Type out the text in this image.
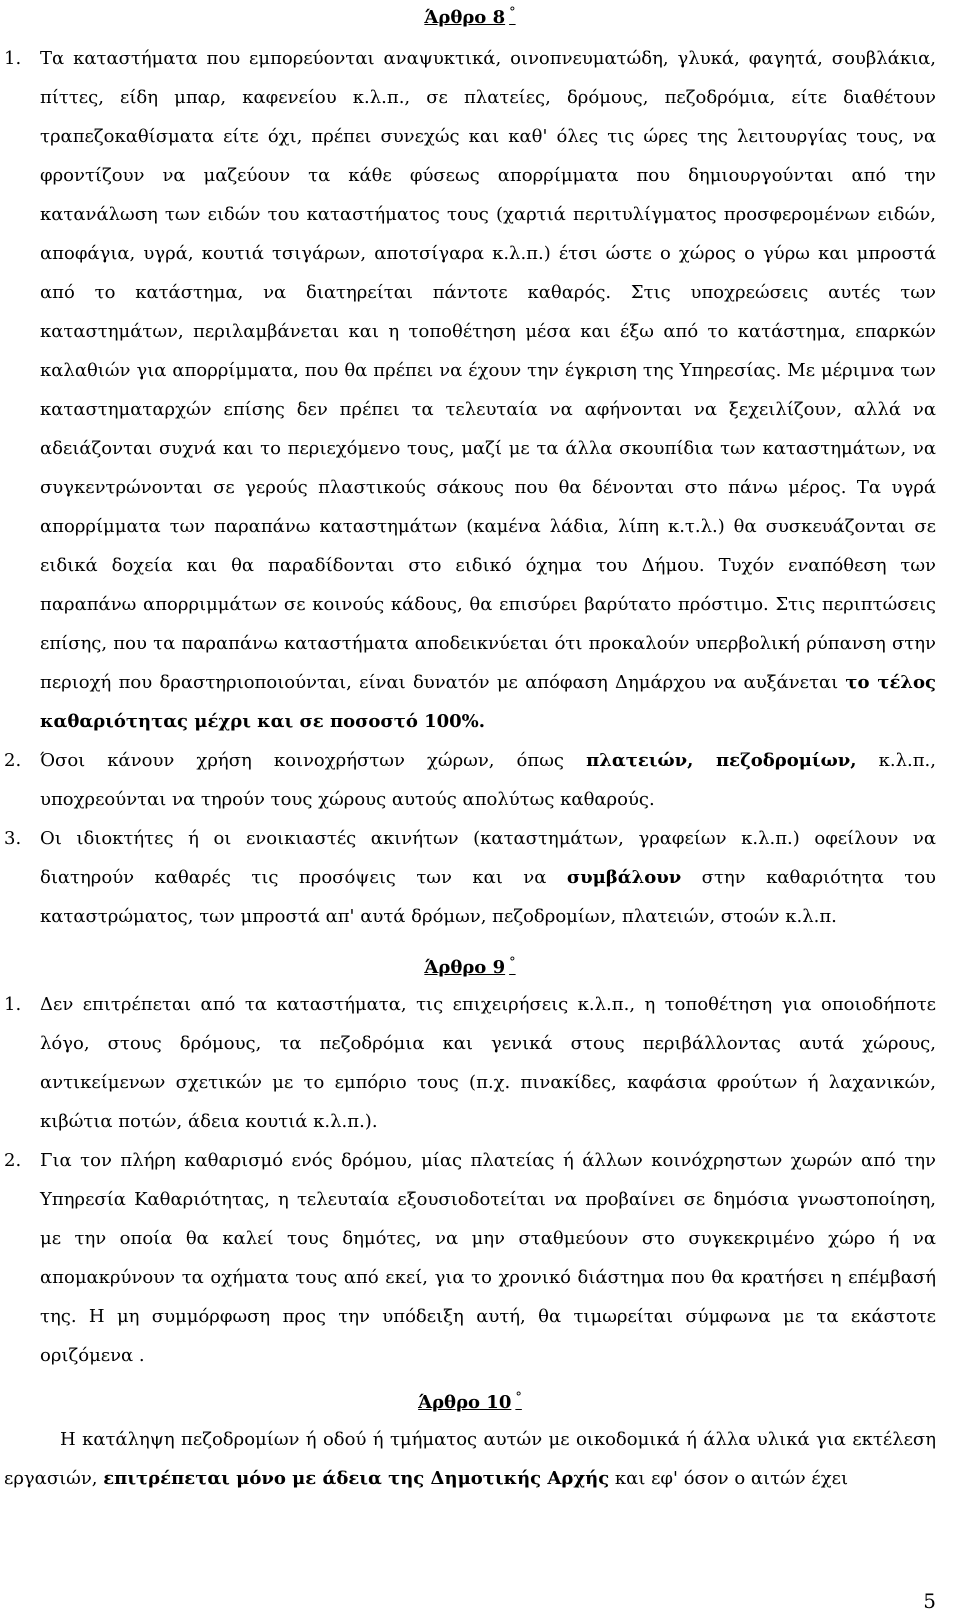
Άρθρο 8 °

1. Τα καταστήματα που εμπορεύονται αναψυκτικά, οινοπνευματώδη, γλυκά, φαγητά, σουβλάκια, πίττες, είδη μπαρ, καφενείου κ.λ.π., σε πλατείες, δρόμους, πεζοδρόμια, είτε διαθέτουν τραπεζοκαθίσματα είτε όχι, πρέπει συνεχώς και καθ' όλες τις ώρες της λειτουργίας τους, να φροντίζουν να μαζεύουν τα κάθε φύσεως απορρίμματα που δημιουργούνται από την κατανάλωση των ειδών του καταστήματος τους (χαρτιά περιτυλίγματος προσφερομένων ειδών, αποφάγια, υγρά, κουτιά τσιγάρων, αποτσίγαρα κ.λ.π.) έτσι ώστε ο χώρος ο γύρω και μπροστά από το κατάστημα, να διατηρείται πάντοτε καθαρός. Στις υποχρεώσεις αυτές των καταστημάτων, περιλαμβάνεται και η τοποθέτηση μέσα και έξω από το κατάστημα, επαρκών καλαθιών για απορρίμματα, που θα πρέπει να έχουν την έγκριση της Υπηρεσίας. Με μέριμνα των καταστηματαρχών επίσης δεν πρέπει τα τελευταία να αφήνονται να ξεχειλίζουν, αλλά να αδειάζονται συχνά και το περιεχόμενο τους, μαζί με τα άλλα σκουπίδια των καταστημάτων, να συγκεντρώνονται σε γερούς πλαστικούς σάκους που θα δένονται στο πάνω μέρος. Τα υγρά απορρίμματα των παραπάνω καταστημάτων (καμένα λάδια, λίπη κ.τ.λ.) θα συσκευάζονται σε ειδικά δοχεία και θα παραδίδονται στο ειδικό όχημα του Δήμου. Τυχόν εναπόθεση των παραπάνω απορριμμάτων σε κοινούς κάδους, θα επισύρει βαρύτατο πρόστιμο. Στις περιπτώσεις επίσης, που τα παραπάνω καταστήματα αποδεικνύεται ότι προκαλούν υπερβολική ρύπανση στην περιοχή που δραστηριοποιούνται, είναι δυνατόν με απόφαση Δημάρχου να αυξάνεται το τέλος καθαριότητας μέχρι και σε ποσοστό 100%.

2. Όσοι κάνουν χρήση κοινοχρήστων χώρων, όπως πλατειών, πεζοδρομίων, κ.λ.π., υποχρεούνται να τηρούν τους χώρους αυτούς απολύτως καθαρούς.

3. Οι ιδιοκτήτες ή οι ενοικιαστές ακινήτων (καταστημάτων, γραφείων κ.λ.π.) οφείλουν να διατηρούν καθαρές τις προσόψεις των και να συμβάλουν στην καθαριότητα του καταστρώματος, των μπροστά απ' αυτά δρόμων, πεζοδρομίων, πλατειών, στοών κ.λ.π.

Άρθρο 9 °

1. Δεν επιτρέπεται από τα καταστήματα, τις επιχειρήσεις κ.λ.π., η τοποθέτηση για οποιοδήποτε λόγο, στους δρόμους, τα πεζοδρόμια και γενικά στους περιβάλλοντας αυτά χώρους, αντικείμενων σχετικών με το εμπόριο τους (π.χ. πινακίδες, καφάσια φρούτων ή λαχανικών, κιβώτια ποτών, άδεια κουτιά κ.λ.π.).

2. Για τον πλήρη καθαρισμό ενός δρόμου, μίας πλατείας ή άλλων κοινόχρηστων χωρών από την Υπηρεσία Καθαριότητας, η τελευταία εξουσιοδοτείται να προβαίνει σε δημόσια γνωστοποίηση, με την οποία θα καλεί τους δημότες, να μην σταθμεύουν στο συγκεκριμένο χώρο ή να απομακρύνουν τα οχήματα τους από εκεί, για το χρονικό διάστημα που θα κρατήσει η επέμβασή της. Η μη συμμόρφωση προς την υπόδειξη αυτή, θα τιμωρείται σύμφωνα με τα εκάστοτε οριζόμενα .

Άρθρο 10 °

Η κατάληψη πεζοδρομίων ή οδού ή τμήματος αυτών με οικοδομικά ή άλλα υλικά για εκτέλεση εργασιών, επιτρέπεται μόνο με άδεια της Δημοτικής Αρχής και εφ' όσον ο αιτών έχει

5
